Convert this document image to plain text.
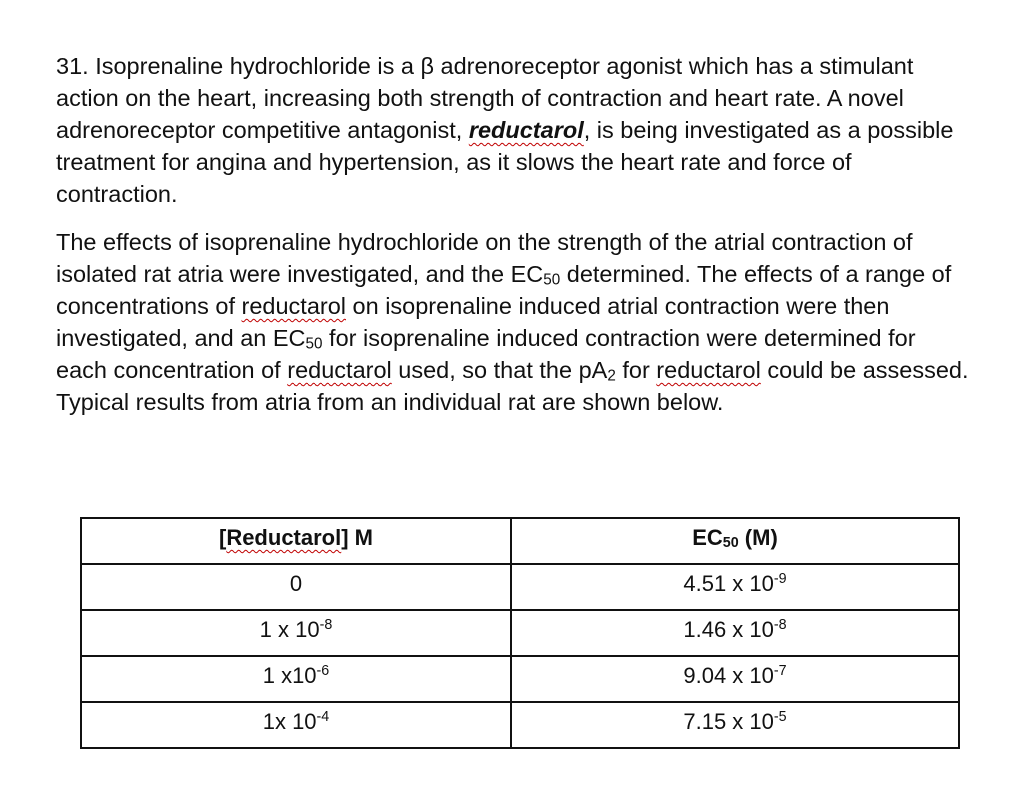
31. Isoprenaline hydrochloride is a β adrenoreceptor agonist which has a stimulant action on the heart, increasing both strength of contraction and heart rate. A novel adrenoreceptor competitive antagonist, reductarol, is being investigated as a possible treatment for angina and hypertension, as it slows the heart rate and force of contraction.

The effects of isoprenaline hydrochloride on the strength of the atrial contraction of isolated rat atria were investigated, and the $EC_{50}$ determined. The effects of a range of concentrations of reductarol on isoprenaline induced atrial contraction were then investigated, and an $EC_{50}$ for isoprenaline induced contraction were determined for each concentration of reductarol used, so that the $pA_2$ for reductarol could be assessed. Typical results from atria from an individual rat are shown below.

[Reductarol] M	$EC_{50}$ (M)
0	4.51 x $10^{-9}$
1 x $10^{-8}$	1.46 x $10^{-8}$
1 $x10^{-6}$	9.04 x $10^{-7}$
1x $10^{-4}$	7.15 x $10^{-5}$
